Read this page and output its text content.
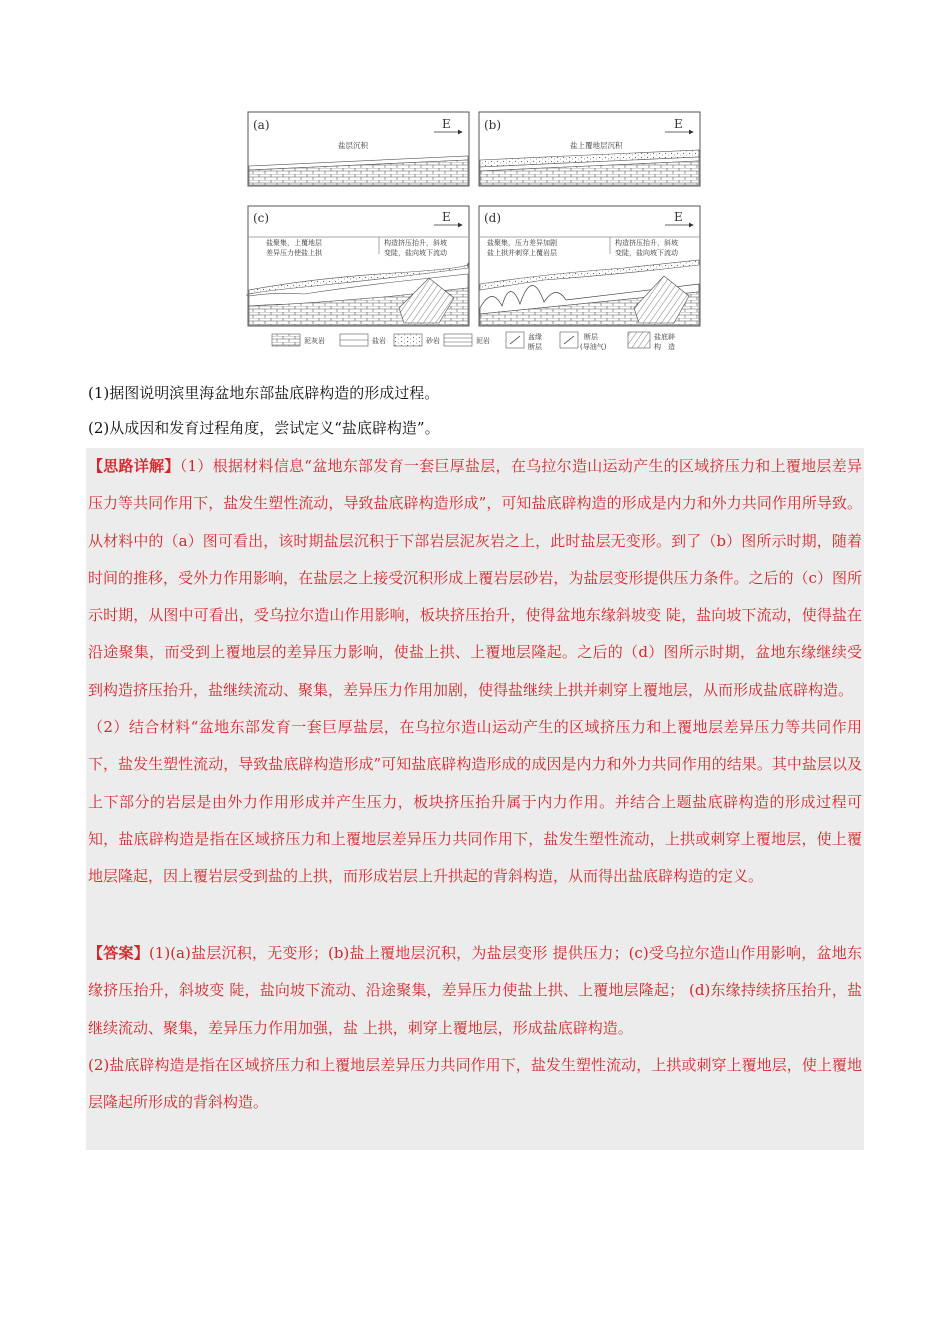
(a)	E
盐层沉积
(b)	E
盐上覆地层沉积
(c)	E
盐聚集，上覆地层
差异压力使盐上拱
构造挤压抬升，斜坡
变陡，盐向坡下流动
(d)	E
盐聚集，压力差异加剧
盐上拱并刺穿上覆岩层
构造挤压抬升，斜坡
变陡，盐向坡下流动
泥灰岩	盐岩	砂岩	泥岩	盆缘
断层
断层
(导油气)
盐底辟
构　造
(1)据图说明滨里海盆地东部盐底辟构造的形成过程。
(2)从成因和发育过程角度，尝试定义“盐底辟构造”。

【思路详解】（1）根据材料信息“盆地东部发育一套巨厚盐层，在乌拉尔造山运动产生的区域挤压力和上覆地层差异压力等共同作用下，盐发生塑性流动，导致盐底辟构造形成”，可知盐底辟构造的形成是内力和外力共同作用所导致。从材料中的（a）图可看出，该时期盐层沉积于下部岩层泥灰岩之上，此时盐层无变形。到了（b）图所示时期，随着时间的推移，受外力作用影响，在盐层之上接受沉积形成上覆岩层砂岩，为盐层变形提供压力条件。之后的（c）图所示时期，从图中可看出，受乌拉尔造山作用影响，板块挤压抬升，使得盆地东缘斜坡变 陡，盐向坡下流动，使得盐在沿途聚集，而受到上覆地层的差异压力影响，使盐上拱、上覆地层隆起。之后的（d）图所示时期，盆地东缘继续受到构造挤压抬升，盐继续流动、聚集，差异压力作用加剧，使得盐继续上拱并刺穿上覆地层，从而形成盐底辟构造。

（2）结合材料“盆地东部发育一套巨厚盐层，在乌拉尔造山运动产生的区域挤压力和上覆地层差异压力等共同作用下，盐发生塑性流动，导致盐底辟构造形成”可知盐底辟构造形成的成因是内力和外力共同作用的结果。其中盐层以及上下部分的岩层是由外力作用形成并产生压力，板块挤压抬升属于内力作用。并结合上题盐底辟构造的形成过程可知，盐底辟构造是指在区域挤压力和上覆地层差异压力共同作用下，盐发生塑性流动，上拱或刺穿上覆地层，使上覆地层隆起，因上覆岩层受到盐的上拱，而形成岩层上升拱起的背斜构造，从而得出盐底辟构造的定义。

【答案】(1)(a)盐层沉积，无变形；(b)盐上覆地层沉积，为盐层变形 提供压力；(c)受乌拉尔造山作用影响，盆地东缘挤压抬升，斜坡变 陡，盐向坡下流动、沿途聚集，差异压力使盐上拱、上覆地层隆起； (d)东缘持续挤压抬升，盐继续流动、聚集，差异压力作用加强，盐 上拱，刺穿上覆地层，形成盐底辟构造。

(2)盐底辟构造是指在区域挤压力和上覆地层差异压力共同作用下，盐发生塑性流动，上拱或刺穿上覆地层，使上覆地层隆起所形成的背斜构造。
